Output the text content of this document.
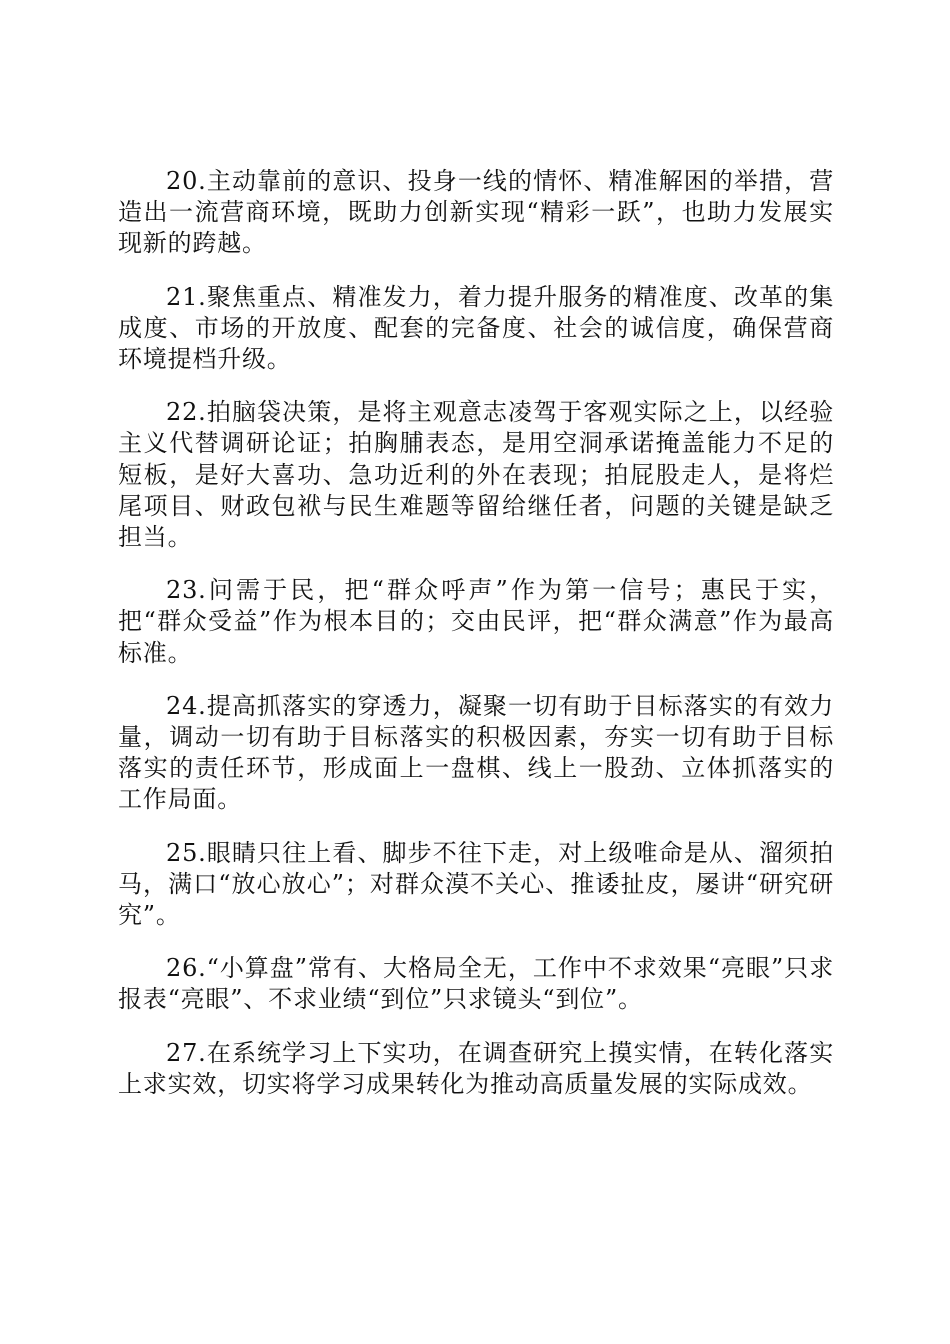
20.主动靠前的意识、投身一线的情怀、精准解困的举措，营造出一流营商环境，既助力创新实现“精彩一跃”，也助力发展实现新的跨越。

21.聚焦重点、精准发力，着力提升服务的精准度、改革的集成度、市场的开放度、配套的完备度、社会的诚信度，确保营商环境提档升级。

22.拍脑袋决策，是将主观意志凌驾于客观实际之上，以经验主义代替调研论证；拍胸脯表态，是用空洞承诺掩盖能力不足的短板，是好大喜功、急功近利的外在表现；拍屁股走人，是将烂尾项目、财政包袱与民生难题等留给继任者，问题的关键是缺乏担当。

23.问需于民，把“群众呼声”作为第一信号；惠民于实，把“群众受益”作为根本目的；交由民评，把“群众满意”作为最高标准。

24.提高抓落实的穿透力，凝聚一切有助于目标落实的有效力量，调动一切有助于目标落实的积极因素，夯实一切有助于目标落实的责任环节，形成面上一盘棋、线上一股劲、立体抓落实的工作局面。

25.眼睛只往上看、脚步不往下走，对上级唯命是从、溜须拍马，满口“放心放心”；对群众漠不关心、推诿扯皮，屡讲“研究研究”。

26.“小算盘”常有、大格局全无，工作中不求效果“亮眼”只求报表“亮眼”、不求业绩“到位”只求镜头“到位”。

27.在系统学习上下实功，在调查研究上摸实情，在转化落实上求实效，切实将学习成果转化为推动高质量发展的实际成效。
